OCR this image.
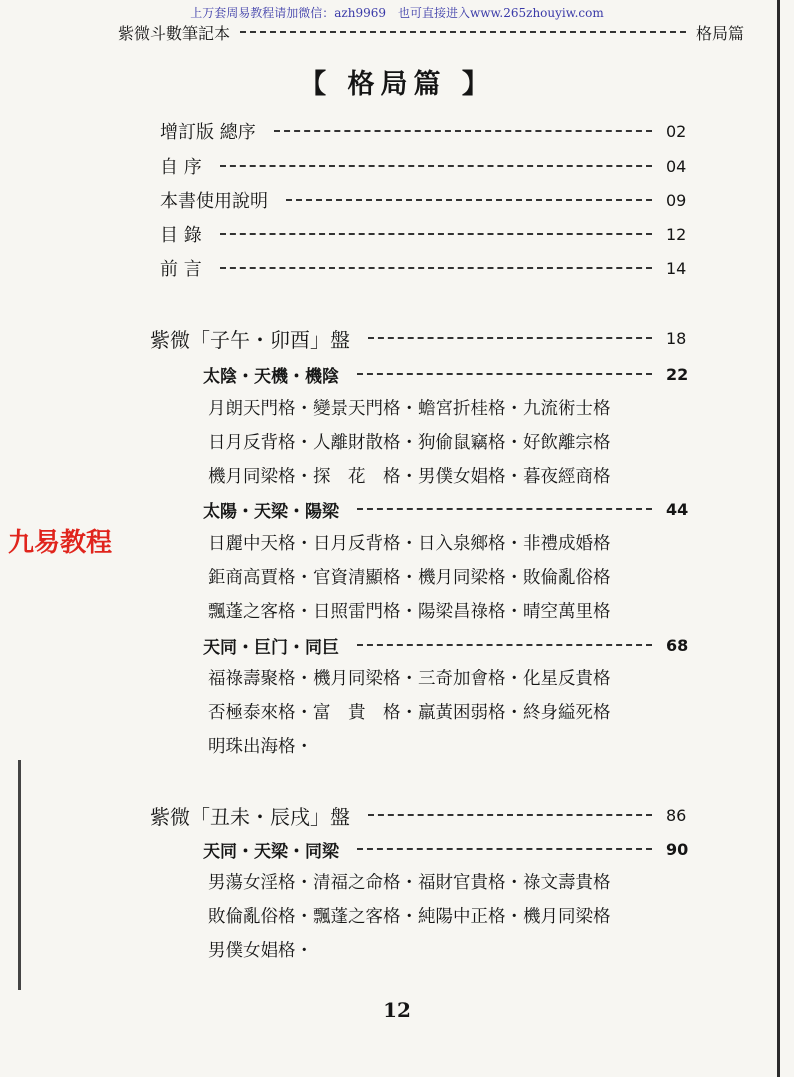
上万套周易教程请加微信：azh9969　也可直接进入www.265zhouyiw.com
紫微斗數筆記本	格局篇
【 格局篇 】
增訂版 總序	02
自 序	04
本書使用說明	09
目 錄	12
前 言	14
紫微「子午・卯酉」盤	18
太陰・天機・機陰	22
月朗天門格・變景天門格・蟾宮折桂格・九流術士格
日月反背格・人離財散格・狗偷鼠竊格・好飲離宗格
機月同梁格・探　花　格・男僕女娼格・暮夜經商格
太陽・天梁・陽梁	44
日麗中天格・日月反背格・日入泉鄉格・非禮成婚格
鉅商高賈格・官資清顯格・機月同梁格・敗倫亂俗格
飄蓬之客格・日照雷門格・陽梁昌祿格・晴空萬里格
天同・巨门・同巨	68
福祿壽聚格・機月同梁格・三奇加會格・化星反貴格
否極泰來格・富　貴　格・羸黃困弱格・終身縊死格
明珠出海格・
紫微「丑未・辰戌」盤	86
天同・天梁・同梁	90
男蕩女淫格・清福之命格・福財官貴格・祿文壽貴格
敗倫亂俗格・飄蓬之客格・純陽中正格・機月同梁格
男僕女娼格・
九易教程
12
